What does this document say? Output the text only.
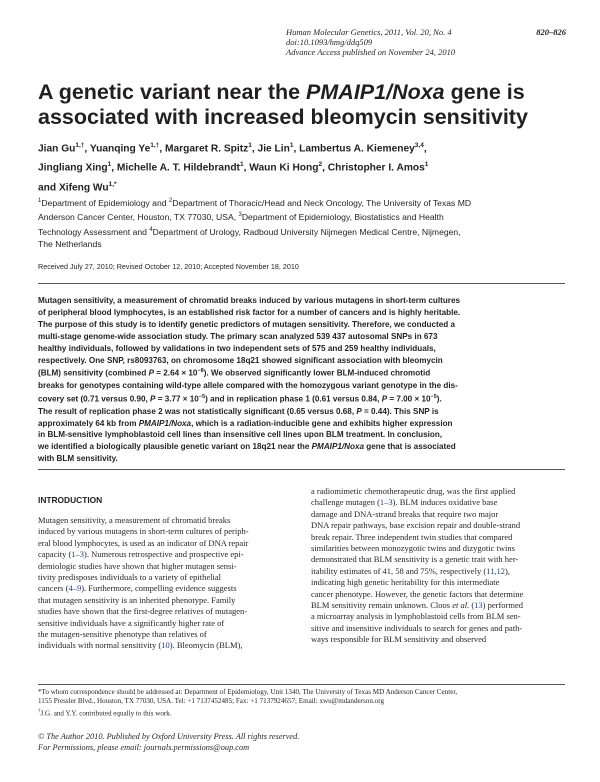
Human Molecular Genetics, 2011, Vol. 20, No. 4	820–826
doi:10.1093/hmg/ddq509
Advance Access published on November 24, 2010
A genetic variant near the PMAIP1/Noxa gene is
associated with increased bleomycin sensitivity
Jian $Gu^{1,\dagger}$, Yuanqing $Ye^{1,\dagger}$, Margaret R. Spitz$^1$, Jie Lin$^1$, Lambertus A. Kiemeney$^{3,4}$,
Jingliang Xing$^1$, Michelle A. T. Hildebrandt$^1$, Waun Ki Hong$^2$, Christopher I. Amos$^1$
and Xifeng $Wu^{1,*}$
$^1$Department of Epidemiology and $^2$Department of Thoracic/Head and Neck Oncology, The University of Texas MD
Anderson Cancer Center, Houston, TX 77030, USA, $^3$Department of Epidemiology, Biostatistics and Health
Technology Assessment and $^4$Department of Urology, Radboud University Nijmegen Medical Centre, Nijmegen,
The Netherlands
Received July 27, 2010; Revised October 12, 2010; Accepted November 18, 2010
Mutagen sensitivity, a measurement of chromatid breaks induced by various mutagens in short-term cultures
of peripheral blood lymphocytes, is an established risk factor for a number of cancers and is highly heritable.
The purpose of this study is to identify genetic predictors of mutagen sensitivity. Therefore, we conducted a
multi-stage genome-wide association study. The primary scan analyzed 539 437 autosomal SNPs in 673
healthy individuals, followed by validations in two independent sets of 575 and 259 healthy individuals,
respectively. One SNP, rs8093763, on chromosome 18q21 showed significant association with bleomycin
(BLM) sensitivity (combined $P = 2.64 \times 10^{-8}$). We observed significantly lower BLM-induced chromotid
breaks for genotypes containing wild-type allele compared with the homozygous variant genotype in the dis-
covery set (0.71 versus 0.90, $P = 3.77 \times 10^{-5}$) and in replication phase 1 (0.61 versus 0.84, $P = 7.00 \times 10^{-5}$).
The result of replication phase 2 was not statistically significant (0.65 versus 0.68, P = 0.44). This SNP is
approximately 64 kb from PMAIP1/Noxa, which is a radiation-inducible gene and exhibits higher expression
in BLM-sensitive lymphoblastoid cell lines than insensitive cell lines upon BLM treatment. In conclusion,
we identified a biologically plausible genetic variant on 18q21 near the PMAIP1/Noxa gene that is associated
with BLM sensitivity.
INTRODUCTION
Mutagen sensitivity, a measurement of chromatid breaks
induced by various mutagens in short-term cultures of periph-
eral blood lymphocytes, is used as an indicator of DNA repair
capacity (1–3). Numerous retrospective and prospective epi-
demiologic studies have shown that higher mutagen sensi-
tivity predisposes individuals to a variety of epithelial
cancers (4–9). Furthermore, compelling evidence suggests
that mutagen sensitivity is an inherited phenotype. Family
studies have shown that the first-degree relatives of mutagen-
sensitive individuals have a significantly higher rate of
the mutagen-sensitive phenotype than relatives of
individuals with normal sensitivity (10). Bleomycin (BLM),
a radiomimetic chemotherapeutic drug, was the first applied
challenge mutagen (1–3). BLM induces oxidative base
damage and DNA-strand breaks that require two major
DNA repair pathways, base excision repair and double-strand
break repair. Three independent twin studies that compared
similarities between monozygotic twins and dizygotic twins
demonstrated that BLM sensitivity is a genetic trait with her-
itability estimates of 41, 58 and 75%, respectively (11,12),
indicating high genetic heritability for this intermediate
cancer phenotype. However, the genetic factors that determine
BLM sensitivity remain unknown. Cloos et al. (13) performed
a microarray analysis in lymphoblastoid cells from BLM sen-
sitive and insensitive individuals to search for genes and path-
ways responsible for BLM sensitivity and observed
*To whom correspondence should be addressed at: Department of Epidemiology, Unit 1340, The University of Texas MD Anderson Cancer Center,
1155 Pressler Blvd., Houston, TX 77030, USA. Tel: +1 7137452485; Fax: +1 7137924657; Email: xwu@mdanderson.org
†J.G. and Y.Y. contributed equally to this work.
© The Author 2010. Published by Oxford University Press. All rights reserved.
For Permissions, please email: journals.permissions@oup.com
